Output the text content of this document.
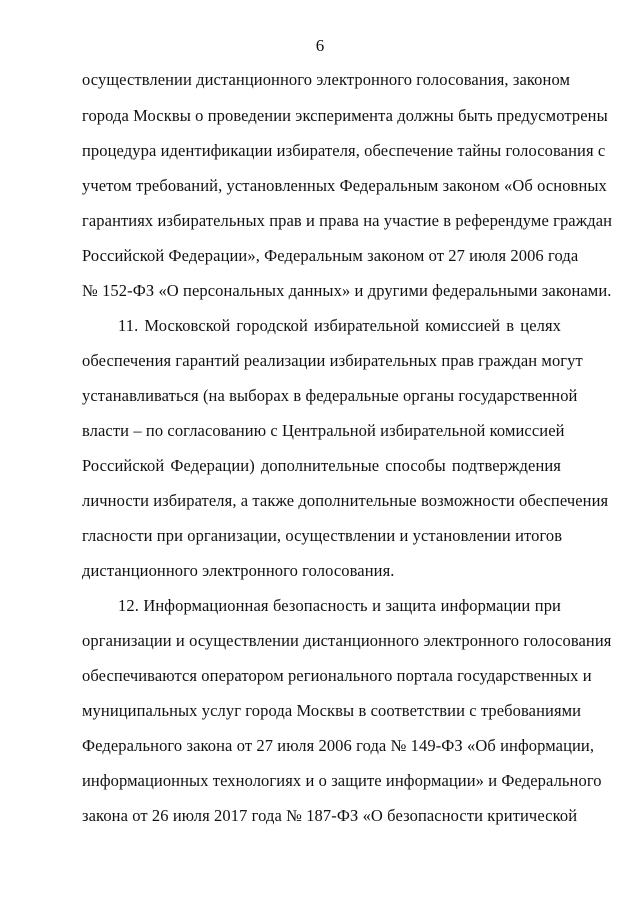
6
осуществлении дистанционного электронного голосования, законом
города Москвы о проведении эксперимента должны быть предусмотрены
процедура идентификации избирателя, обеспечение тайны голосования с
учетом требований, установленных Федеральным законом «Об основных
гарантиях избирательных прав и права на участие в референдуме граждан
Российской Федерации», Федеральным законом от 27 июля 2006 года
№ 152-ФЗ «О персональных данных» и другими федеральными законами.
11. Московской городской избирательной комиссией в целях
обеспечения гарантий реализации избирательных прав граждан могут
устанавливаться (на выборах в федеральные органы государственной
власти – по согласованию с Центральной избирательной комиссией
Российской Федерации) дополнительные способы подтверждения
личности избирателя, а также дополнительные возможности обеспечения
гласности при организации, осуществлении и установлении итогов
дистанционного электронного голосования.
12. Информационная безопасность и защита информации при
организации и осуществлении дистанционного электронного голосования
обеспечиваются оператором регионального портала государственных и
муниципальных услуг города Москвы в соответствии с требованиями
Федерального закона от 27 июля 2006 года № 149-ФЗ «Об информации,
информационных технологиях и о защите информации» и Федерального
закона от 26 июля 2017 года № 187-ФЗ «О безопасности критической
